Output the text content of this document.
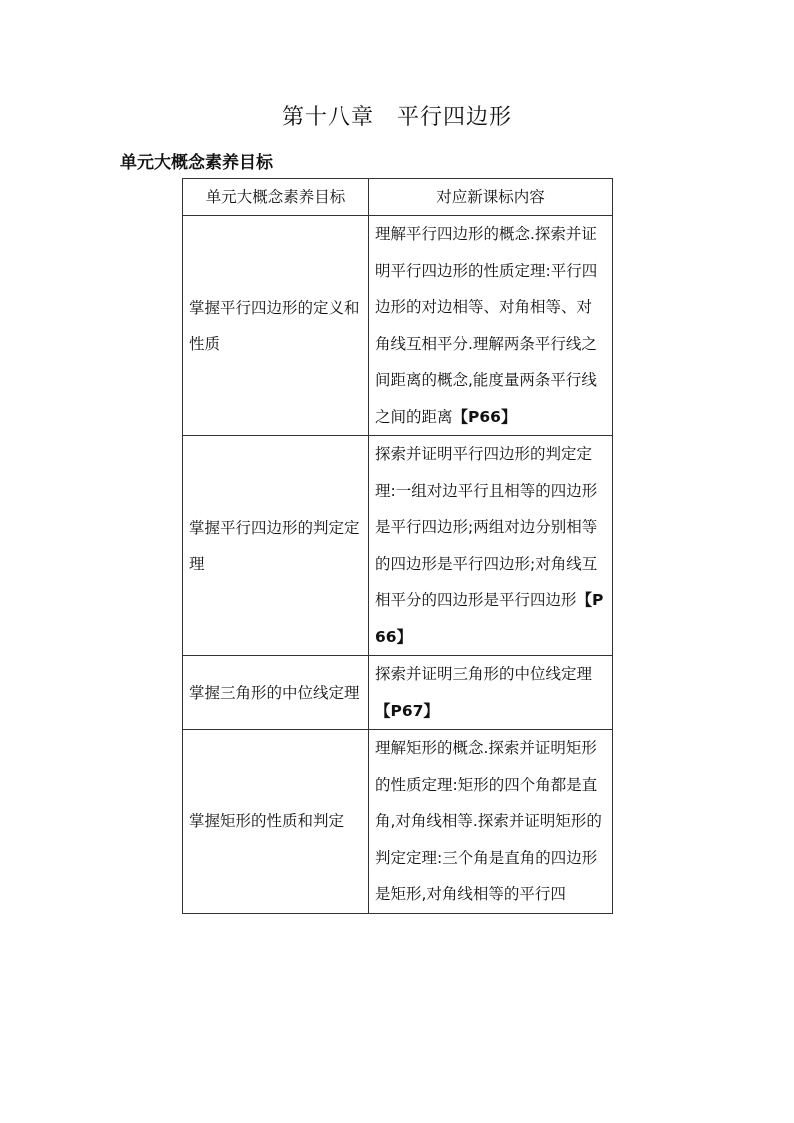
第十八章　平行四边形
单元大概念素养目标
单元大概念素养目标	对应新课标内容
掌握平行四边形的定义和性质	理解平行四边形的概念.探索并证明平行四边形的性质定理:平行四边形的对边相等、对角相等、对角线互相平分.理解两条平行线之间距离的概念,能度量两条平行线之间的距离【P66】
掌握平行四边形的判定定理	探索并证明平行四边形的判定定理:一组对边平行且相等的四边形是平行四边形;两组对边分别相等的四边形是平行四边形;对角线互相平分的四边形是平行四边形【P66】
掌握三角形的中位线定理	探索并证明三角形的中位线定理【P67】
掌握矩形的性质和判定	理解矩形的概念.探索并证明矩形的性质定理:矩形的四个角都是直角,对角线相等.探索并证明矩形的判定定理:三个角是直角的四边形是矩形,对角线相等的平行四
